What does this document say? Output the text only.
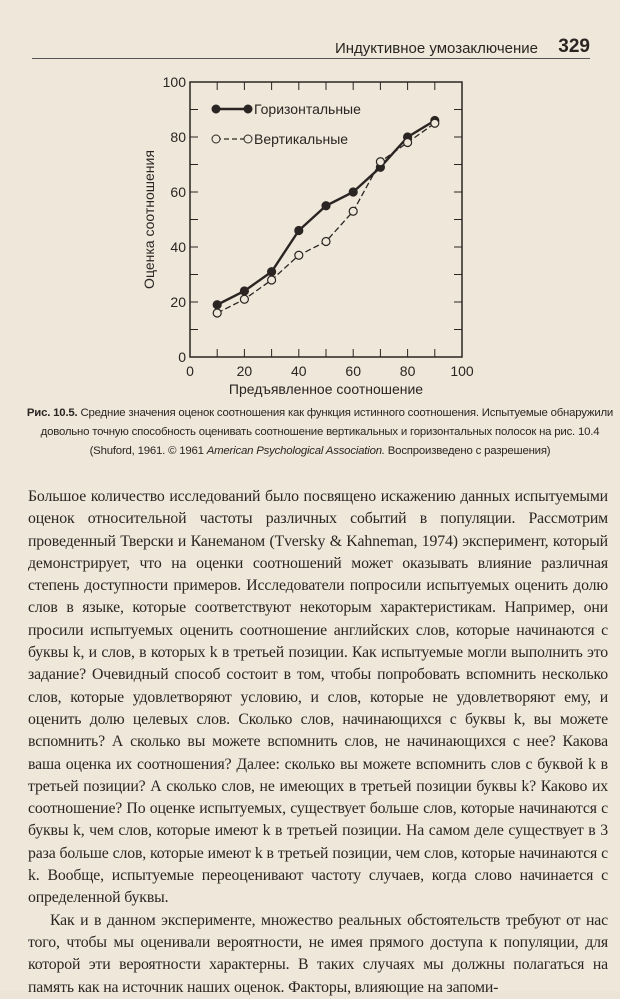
Индуктивное умозаключение 329
0	20	40	60	80 100
0
20
40
60
80
100
Предъявленное соотношение
Оценка соотношения
Горизонтальные
Вертикальные
Рис. 10.5. Средние значения оценок соотношения как функция истинного соотношения. Испытуемые обнаружили довольно точную способность оценивать соотношение вертикальных и горизонтальных полосок на рис. 10.4 (Shuford, 1961. © 1961 American Psychological Association. Воспроизведено с разрешения)

Большое количество исследований было посвящено искажению данных испытуемыми оценок относительной частоты различных событий в популяции. Рассмотрим проведенный Тверски и Канеманом (Tversky & Kahneman, 1974) эксперимент, который демонстрирует, что на оценки соотношений может оказывать влияние различная степень доступности примеров. Исследователи попросили испытуемых оценить долю слов в языке, которые соответствуют некоторым характеристикам. Например, они просили испытуемых оценить соотношение английских слов, которые начинаются с буквы k, и слов, в которых k в третьей позиции. Как испытуемые могли выполнить это задание? Очевидный способ состоит в том, чтобы попробовать вспомнить несколько слов, которые удовлетворяют условию, и слов, которые не удовлетворяют ему, и оценить долю целевых слов. Сколько слов, начинающихся с буквы k, вы можете вспомнить? А сколько вы можете вспомнить слов, не начинающихся с нее? Какова ваша оценка их соотношения? Далее: сколько вы можете вспомнить слов с буквой k в третьей позиции? А сколько слов, не имеющих в третьей позиции буквы k? Каково их соотношение? По оценке испытуемых, существует больше слов, которые начинаются с буквы k, чем слов, которые имеют k в третьей позиции. На самом деле существует в 3 раза больше слов, которые имеют k в третьей позиции, чем слов, которые начинаются с k. Вообще, испытуемые переоценивают частоту случаев, когда слово начинается с определенной буквы.

Как и в данном эксперименте, множество реальных обстоятельств требуют от нас того, чтобы мы оценивали вероятности, не имея прямого доступа к популяции, для которой эти вероятности характерны. В таких случаях мы должны полагаться на память как на источник наших оценок. Факторы, влияющие на запоми-
